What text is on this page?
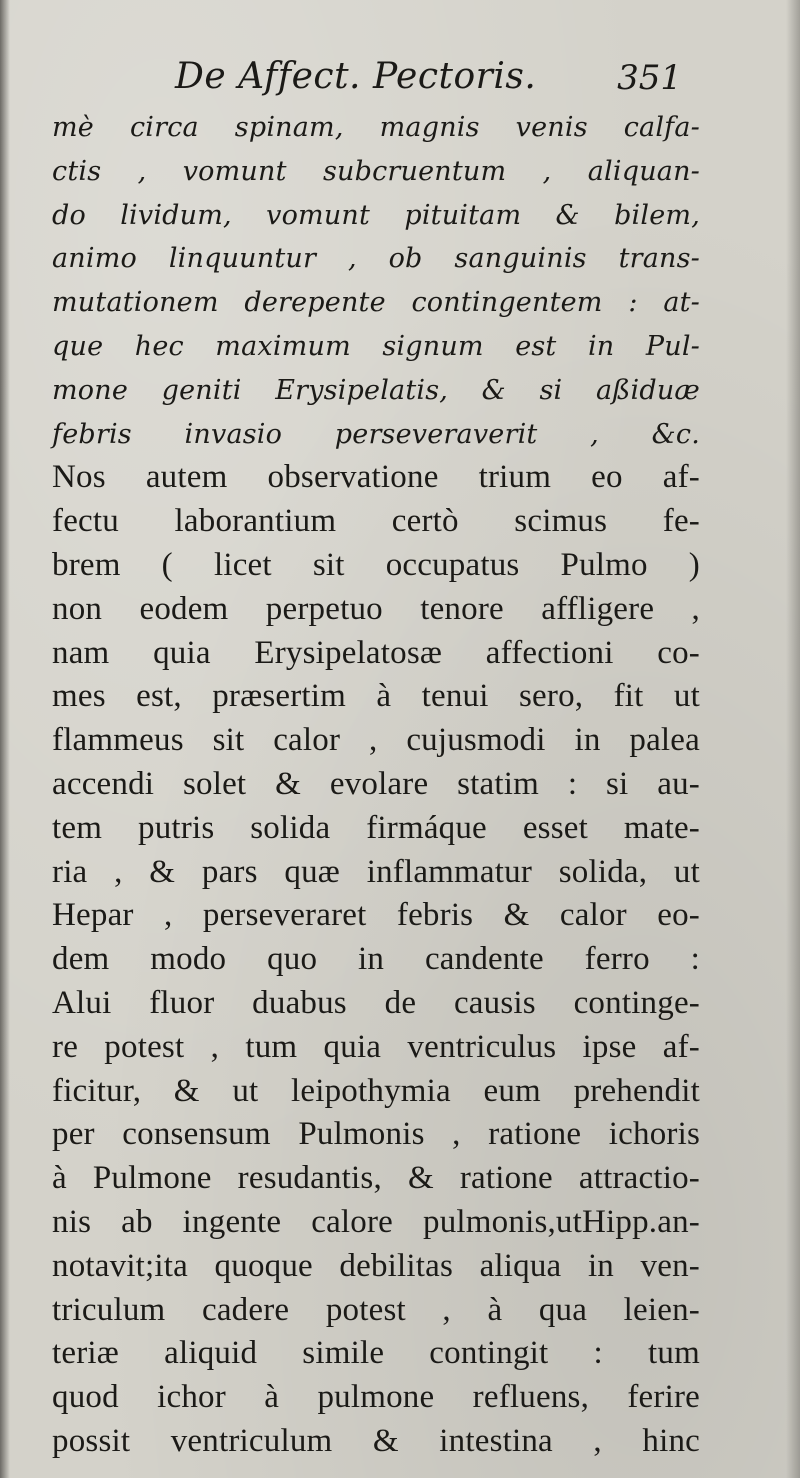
De Affect. Pectoris. 351
mè circa spinam, magnis venis calfa-
ctis , vomunt subcruentum , aliquan-
do lividum, vomunt pituitam & bilem,
animo linquuntur , ob sanguinis trans-
mutationem derepente contingentem : at-
que hec maximum signum est in Pul-
mone geniti Erysipelatis, & si aßiduæ
febris invasio perseveraverit , &c.
Nos autem observatione trium eo af-
fectu laborantium certò scimus fe-
brem ( licet sit occupatus Pulmo )
non eodem perpetuo tenore affligere ,
nam quia Erysipelatosæ affectioni co-
mes est, præsertim à tenui sero, fit ut
flammeus sit calor , cujusmodi in palea
accendi solet & evolare statim : si au-
tem putris solida firmáque esset mate-
ria , & pars quæ inflammatur solida, ut
Hepar , perseveraret febris & calor eo-
dem modo quo in candente ferro :
Alui fluor duabus de causis continge-
re potest , tum quia ventriculus ipse af-
ficitur, & ut leipothymia eum prehendit
per consensum Pulmonis , ratione ichoris
à Pulmone resudantis, & ratione attractio-
nis ab ingente calore pulmonis,utHipp.an-
notavit;ita quoque debilitas aliqua in ven-
triculum cadere potest , à qua leien-
teriæ aliquid simile contingit : tum
quod ichor à pulmone refluens, ferire
possit ventriculum & intestina , hinc
